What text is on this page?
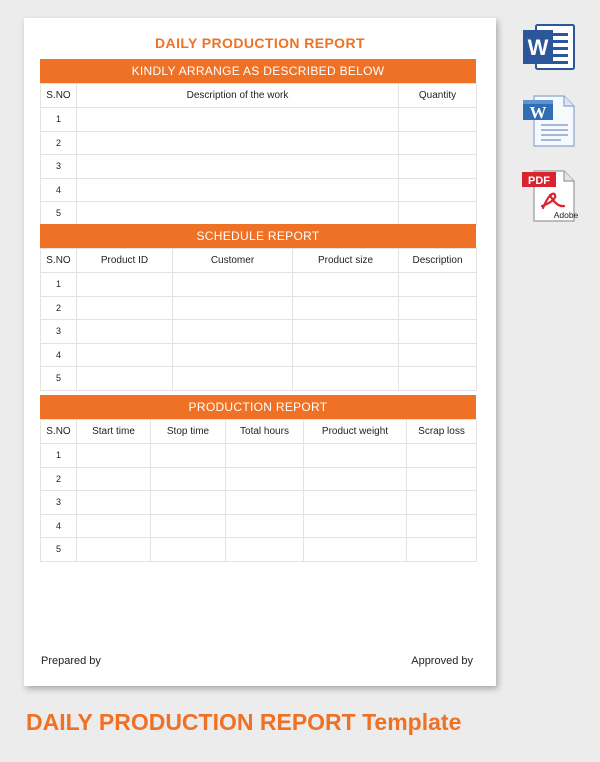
DAILY PRODUCTION REPORT
KINDLY ARRANGE AS DESCRIBED BELOW
S.NO	Description of the work	Quantity
1		
2		
3		
4		
5		
SCHEDULE REPORT
S.NO	Product ID	Customer	Product size	Description
1				
2				
3				
4				
5				
PRODUCTION REPORT
S.NO	Start time	Stop time	Total hours	Product weight	Scrap loss
1					
2					
3					
4					
5					
Prepared by	Approved by
W
W
PDF
Adobe
DAILY PRODUCTION REPORT Template
